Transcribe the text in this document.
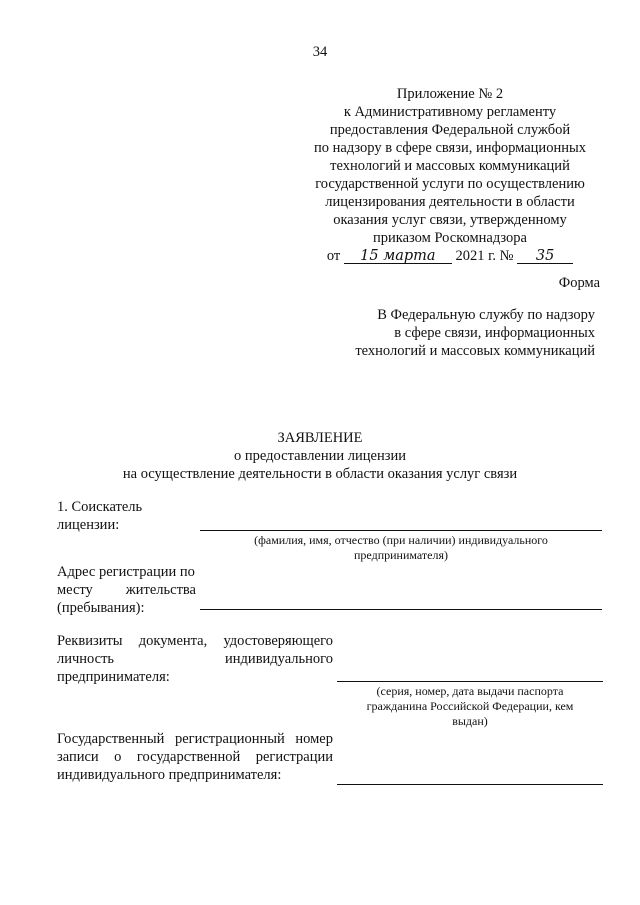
34
Приложение № 2
к Административному регламенту
предоставления Федеральной службой
по надзору в сфере связи, информационных
технологий и массовых коммуникаций
государственной услуги по осуществлению
лицензирования деятельности в области
оказания услуг связи, утвержденному
приказом Роскомнадзора
от 15 марта 2021 г. № 35
Форма
В Федеральную службу по надзору
в сфере связи, информационных
технологий и массовых коммуникаций
ЗАЯВЛЕНИЕ
о предоставлении лицензии
на осуществление деятельности в области оказания услуг связи
1. Соискатель
лицензии:
(фамилия, имя, отчество (при наличии) индивидуального
предпринимателя)
Адрес регистрации по
месту жительства
(пребывания):
Реквизиты документа, удостоверяющего
личность	индивидуального
предпринимателя:
(серия, номер, дата выдачи паспорта
гражданина Российской Федерации, кем
выдан)
Государственный регистрационный номер
записи о государственной регистрации
индивидуального предпринимателя:
